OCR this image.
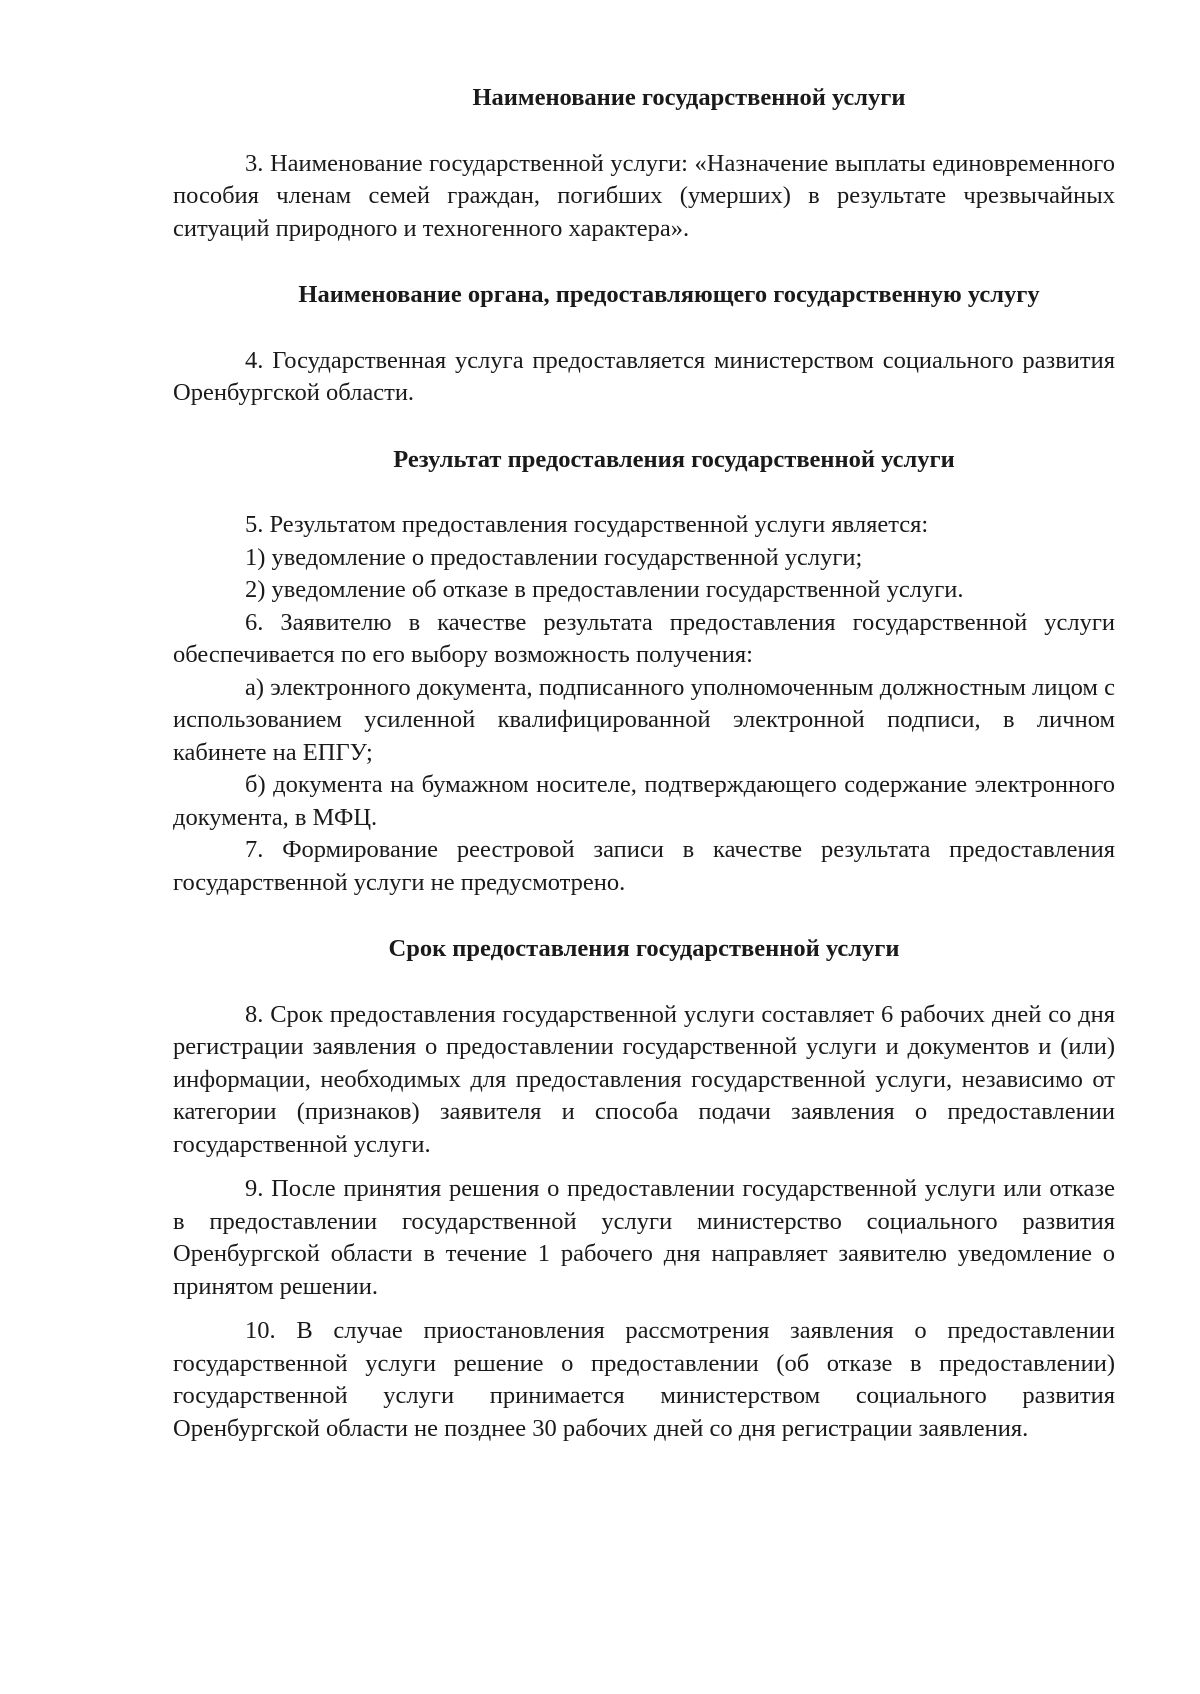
Наименование государственной услуги

3. Наименование государственной услуги: «Назначение выплаты единовременного пособия членам семей граждан, погибших (умерших) в результате чрезвычайных ситуаций природного и техногенного характера».

Наименование органа, предоставляющего государственную услугу

4. Государственная услуга предоставляется министерством социального развития Оренбургской области.

Результат предоставления государственной услуги

5. Результатом предоставления государственной услуги является:

1) уведомление о предоставлении государственной услуги;

2) уведомление об отказе в предоставлении государственной услуги.

6. Заявителю в качестве результата предоставления государственной услуги обеспечивается по его выбору возможность получения:

а) электронного документа, подписанного уполномоченным должностным лицом с использованием усиленной квалифицированной электронной подписи, в личном кабинете на ЕПГУ;

б) документа на бумажном носителе, подтверждающего содержание электронного документа, в МФЦ.

7. Формирование реестровой записи в качестве результата предоставления государственной услуги не предусмотрено.

Срок предоставления государственной услуги

8. Срок предоставления государственной услуги составляет 6 рабочих дней со дня регистрации заявления о предоставлении государственной услуги и документов и (или) информации, необходимых для предоставления государственной услуги, независимо от категории (признаков) заявителя и способа подачи заявления о предоставлении государственной услуги.

9. После принятия решения о предоставлении государственной услуги или отказе в предоставлении государственной услуги министерство социального развития Оренбургской области в течение 1 рабочего дня направляет заявителю уведомление о принятом решении.

10. В случае приостановления рассмотрения заявления о предоставлении государственной услуги решение о предоставлении (об отказе в предоставлении) государственной услуги принимается министерством социального развития Оренбургской области не позднее 30 рабочих дней со дня регистрации заявления.
